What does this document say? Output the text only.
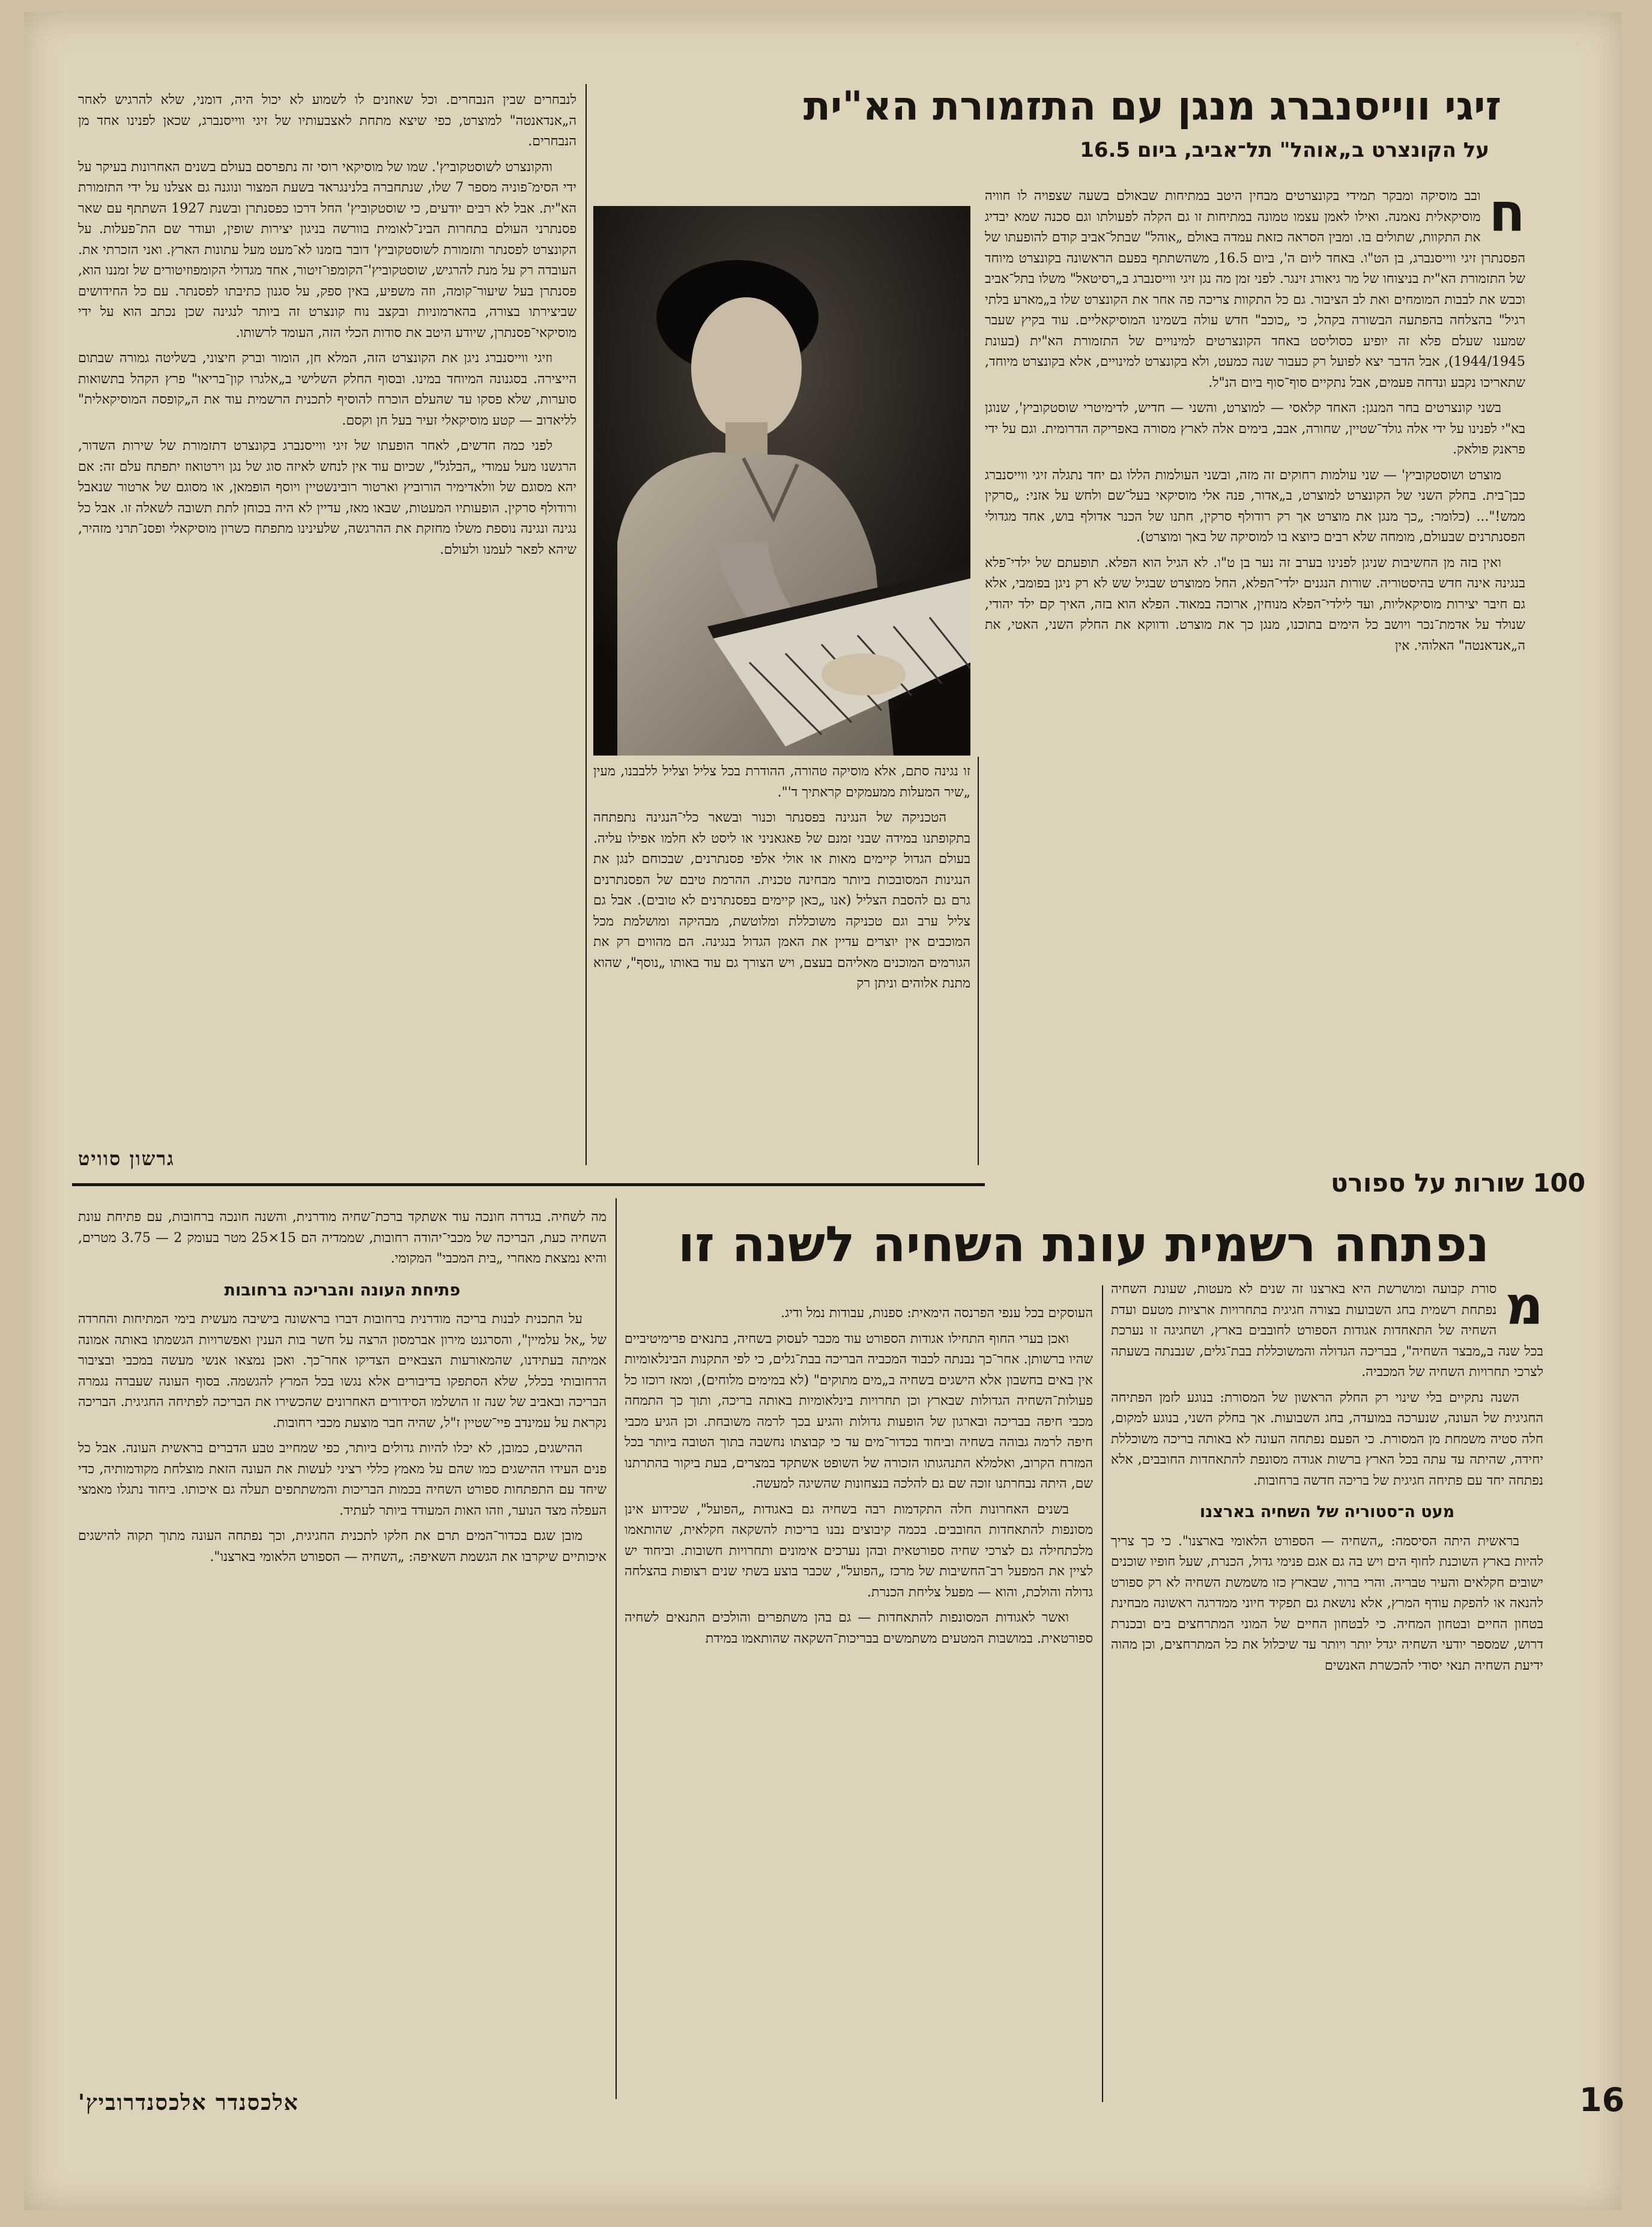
זיגי ווייסנברג מנגן עם התזמורת הא"ית
על הקונצרט ב„אוהל" תל־אביב, ביום 16.5
ח

ובב מוסיקה ומבקר תמידי בקונצרטים מבחין היטב במתיחות שבאולם בשעה שצפויה לו חוויה מוסיקאלית נאמנה. ואילו לאמן עצמו טמונה במתיחות זו גם הקלה לפעולתו וגם סכנה שמא יבדיג את התקוות, שתולים בו. ומבין הסראה כזאת עמדה באולם „אוהל" שבתל־אביב קודם להופעתו של הפסנתרן זיגי ווייסנברג, בן הט"ו. באחד ליום ה', ביום 16.5, משהשתתף בפעם הראשונה בקונצרט מיוחד של התזמורת הא"ית בניצוחו של מר גיאורג זינגר. לפני זמן מה נגן זיגי ווייסנברג ב„רסיטאל" משלו בתל־אביב וכבש את לבבות המומחים ואת לב הציבור. גם כל התקוות צריכה פה אחר את הקונצרט שלו ב„מארע בלתי רגיל" בהצלחה בהפתעה הבשורה בקהל, כי „כוכב" חדש עולה בשמינו המוסיקאליים. עוד בקיץ שעבר שמענו שעלם פלא זה יופיע כסוליסט באחד הקונצרטים למינויים של התזמורת הא"ית (בעונת 1944/1945), אבל הדבר יצא לפועל רק כעבור שנה כמעט, ולא בקונצרט למינויים, אלא בקונצרט מיוחד, שתאריכו נקבע ונדחה פעמים, אבל נתקיים סוף־סוף ביום הנ"ל.

בשני קונצרטים בחר המנגן: האחד קלאסי — למוצרט, והשני — חדיש, לדימיטרי שוסטקוביץ', שנוגן בא"י לפנינו על ידי אלה גולד־שטיין, שחורה, אבב, בימים אלה לארץ מסורה באפריקה הדרומית. וגם על ידי פראנק פולאק.

מוצרט ושוסטקוביץ' — שני עולמות רחוקים זה מזה, ובשני העולמות הללו גם יחד נתגלה זיגי ווייסנברג כבן־בית. בחלק השני של הקונצרט למוצרט, ב„אדור, פנה אלי מוסיקאי בעל־שם ולחש על אזני: „סרקין ממש!"... (כלומר: „כך מנגן את מוצרט אך רק רודולף סרקין, חתנו של הכנר אדולף בוש, אחד מגדולי הפסנתרנים שבעולם, מומחה שלא רבים כיוצא בו למוסיקה של באך ומוצרט).

ואין בזה מן החשיבות שניגן לפנינו בערב זה נער בן ט"ו. לא הגיל הוא הפלא. תופעתם של ילדי־פלא בנגינה אינה חדש בהיסטוריה. שורות הנגנים ילדי־הפלא, החל ממוצרט שבגיל שש לא רק ניגן בפומבי, אלא גם חיבר יצירות מוסיקאליות, ועד לילדי־הפלא מנוחין, ארוכה במאוד. הפלא הוא בזה, האיך קם ילד יהודי, שנולד על אדמת־נכר ויושב כל הימים בתוכנו, מנגן כך את מוצרט. ודווקא את החלק השני, האטי, את ה„אנדאנטה" האלוהי. אין

זו נגינה סתם, אלא מוסיקה טהורה, ההודרת בכל צליל וצליל ללבבנו, מעין „שיר המעלות ממעמקים קראתיך ד'".

הטכניקה של הנגינה בפסנתר וכנור ובשאר כלי־הנגינה נתפתחה בתקופתנו במידה שבני זמנם של פאגאניני או ליסט לא חלמו אפילו עליה. בעולם הגדול קיימים מאות או אולי אלפי פסנתרנים, שבכוחם לנגן את הנגינות המסובכות ביותר מבחינה טכנית. ההרמת טיבם של הפסנתרנים גרם גם להסבת הצליל (אנו „כאן קיימים בפסנתרנים לא טובים). אבל גם צליל ערב וגם טכניקה משוכללת ומלוטשת, מבהיקה ומושלמת מכל המוכבים אין יוצרים עדיין את האמן הגדול בנגינה. הם מהווים רק את הגורמים המוכנים מאליהם בעצם, ויש הצורך גם עוד באותו „נוסף", שהוא מתנת אלוהים וניתן רק

לנבחרים שבין הנבחרים. וכל שאוזנים לו לשמוע לא יכול היה, דומני, שלא להרגיש לאחר ה„אנדאנטה" למוצרט, כפי שיצא מתחת לאצבעותיו של זיגי ווייסנברג, שכאן לפנינו אחד מן הנבחרים.

והקונצרט לשוסטקוביץ'. שמו של מוסיקאי רוסי זה נתפרסם בעולם בשנים האחרונות בעיקר על ידי הסימ־פוניה מספר 7 שלו, שנתחברה בלנינגראד בשעת המצור ונוגנה גם אצלנו על ידי התזמורת הא"ית. אבל לא רבים יודעים, כי שוסטקוביץ' החל דרכו כפסנתרן ובשנת 1927 השתתף עם שאר פסנתרני העולם בתחרות הבינ־לאומית בוורשה בניגון יצירות שופין, ועודר שם הת־פעלות. על הקונצרט לפסנתר ותזמורת לשוסטקוביץ' דובר בזמנו לא־מעט מעל עתונות הארץ. ואני הזכרתי את. העובדה רק על מנת להרגיש, שוסטקוביץ'־הקומפו־זיטור, אחד מגדולי הקומפוזיטורים של זמננו הוא, פסנתרן בעל שיעור־קומה, וזה משפיע, באין ספק, על סגנון כתיבתו לפסנתר. עם כל החידושים שביצירתו בצורה, בהארמוניות ובקצב נוח קונצרט זה ביותר לנגינה שכן נכתב הוא על ידי מוסיקאי־פסנתרן, שיודע היטב את סודות הכלי הזה, העומד לרשותו.

וזיגי ווייסנברג ניגן את הקונצרט הזה, המלא חן, הומור וברק חיצוני, בשליטה גמורה שבתום הייצירה. בסגנונה המיוחד במינו. ובסוף החלק השלישי ב„אלגרו קון־בריאו" פרץ הקהל בתשואות סוערות, שלא פסקו עד שהעלם הוכרח להוסיף לתכנית הרשמית עוד את ה„קופסה המוסיקאלית" לליאדוב — קטע מוסיקאלי זעיר בעל חן וקסם.

לפני כמה חדשים, לאחר הופעתו של זיגי ווייסנברג בקונצרט דתזמורת של שירות השדור, הרגשנו מעל עמודי „הבלגל", שכיום עוד אין לנחש לאיזה סוג של נגן וירטואוז יתפתח עלם זה: אם יהא מסוגם של וולאדימיר הורוביץ וארטור רובינשטיין ויוסף הופמאן, או מסוגם של ארטור שנאבל ורודולף סרקין. הופעותיו המעטות, שבאו מאז, עדיין לא היה בכוחן לתת תשובה לשאלה זו. אבל כל נגינה ונגינה נוספת משלו מחזקת את ההרגשה, שלעינינו מתפתח כשרון מוסיקאלי ופסנ־תרני מזהיר, שיהא לפאר לעמנו ולעולם.

גרשון סוויט
100 שורות על ספורט
נפתחה רשמית עונת השחיה לשנה זו
מ

סורת קבועה ומושרשת היא בארצנו זה שנים לא מעטות, שעונת השחיה נפתחת רשמית בחג השבועות בצורה חגיגית בתחרויות ארציות מטעם ועדת השחיה של התאחדות אגודות הספורט לחובבים בארץ, ושחגיגה זו נערכת בכל שנה ב„מבצר השחיה", בבריכה הגדולה והמשוכללת בבת־גלים, שנבנתה בשעתה לצרכי תחרויות השחיה של המכביה.

השנה נתקיים בלי שינוי רק החלק הראשון של המסורת: בנוגע לזמן הפתיחה החגיגית של העונה, שנערכה במועדה, בחג השבועות. אך בחלק השני, בנוגע למקום, חלה סטיה משמחת מן המסורת. כי הפעם נפתחה העונה לא באותה בריכה משוכללת יחידה, שהיתה עד עתה בכל הארץ ברשות אגודה מסונפת להתאחדות החובבים, אלא נפתחה יחד עם פתיחה חגיגית של בריכה חדשה ברחובות.

מעט ה־סטוריה של השחיה בארצנו

בראשית היתה הסיסמה: „השחיה — הספורט הלאומי בארצנו". כי כך צריך להיות בארץ השוכנת לחוף הים ויש בה גם אגם פנימי גדול, הכנרת, שעל חופיו שוכנים ישובים חקלאים והעיר טבריה. והרי ברור, שבארץ כזו משמשת השחיה לא רק ספורט להנאה או להפקת עודף המרץ, אלא נושאת גם תפקיד חיוני ממדרגה ראשונה מבחינת בטחון החיים ובטחון המחיה. כי לבטחון החיים של המוני המתרחצים בים ובכנרת דרוש, שמספר יודעי השחיה יגדל יותר ויותר עד שיכלול את כל המתרחצים, וכן מהוה ידיעת השחיה תנאי יסודי להכשרת האנשים

העוסקים בכל ענפי הפרנסה הימאית: ספנות, עבודות נמל ודיג.

ואכן בערי החוף התחילו אגודות הספורט עוד מכבר לעסוק בשחיה, בתנאים פרימיטיביים שהיו ברשותן. אחר־כך נבנתה לכבוד המכביה הבריכה בבת־גלים, כי לפי התקנות הבינלאומיות אין באים בחשבון אלא הישגים בשחיה ב„מים מתוקים" (לא במימים מלוחים), ומאז רוכזו כל פעולות־השחיה הגדולות שבארץ וכן תחרויות בינלאומיות באותה בריכה, ותוך כך התמחה מכבי חיפה בבריכה ובארגון של הופעות גדולות והגיע בכך לרמה משובחת. וכן הגיע מכבי חיפה לרמה גבוהה בשחיה וביחוד בכדור־מים עד כי קבוצתו נחשבה בתוך הטובה ביותר בכל המזרח הקרוב, ואלמלא התנהגותו הזכורה של השופט אשתקד במצרים, בעת ביקור בהתרתנו שם, היתה נבחרתנו זוכה שם גם להלכה בנצחונות שהשיגה למעשה.

בשנים האחרונות חלה התקדמות רבה בשחיה גם באגודות „הפועל", שכידוע אינן מסונפות להתאחדות החובבים. בכמה קיבוצים נבנו בריכות להשקאה חקלאית, שהותאמו מלכתחילה גם לצרכי שחיה ספורטאית ובהן נערכים אימונים ותחרויות חשובות. וביחוד יש לציין את המפעל רב־החשיבות של מרכז „הפועל", שכבר בוצע בשתי שנים רצופות בהצלחה גדולה והולכת, והוא — מפעל צליחת הכנרת.

ואשר לאגודות המסונפות להתאחדות — גם בהן משתפרים והולכים התנאים לשחיה ספורטאית. במושבות המטעים משתמשים בבריכות־השקאה שהותאמו במידת

מה לשחיה. בגדרה חונכה עוד אשתקד ברכת־שחיה מודרנית, והשנה חונכה ברחובות, עם פתיחת עונת השחיה כעת, הבריכה של מכבי־יהודה רחובות, שממדיה הם 15×25 מטר בעומק 2 — 3.75 מטרים, והיא נמצאת מאחרי „בית המכבי" המקומי.

פתיחת העונה והבריכה ברחובות

על התכנית לבנות בריכה מודרנית ברחובות דברו בראשונה בישיבה מעשית בימי המתיחות והחרדה של „אל עלמיין", והסרגנט מירון אברמסון הרצה על חשר בות הענין ואפשרויות הגשמתו באותה אמונה אמיתה בעתידנו, שהמאורעות הצבאיים הצדיקו אחר־כך. ואכן נמצאו אנשי מעשה במכבי ובציבור הרחובותי בכלל, שלא הסתפקו בדיבורים אלא נגשו בכל המרץ להגשמה. בסוף העונה שעברה נגמרה הבריכה ובאביב של שנה זו הושלמו הסידורים האחרונים שהכשירו את הבריכה לפתיחה החגיגית. הבריכה נקראת על עמינדב פיי־שטיין ז"ל, שהיה חבר מוצעת מכבי רחובות.

ההישגים, כמובן, לא יכלו להיות גדולים ביותר, כפי שמחייב טבע הדברים בראשית העונה. אבל כל פנים העידו ההישגים כמו שהם על מאמץ כללי רציני לעשות את העונה הזאת מוצלחת מקודמותיה, כדי שיחד עם התפתחות ספורט השחיה בכמות הבריכות והמשתתפים תעלה גם איכותו. ביחוד נתגלו מאמצי העפלה מצד הנוער, וזהו האות המעודד ביותר לעתיד.

מובן שגם בכדור־המים תרם את חלקו לתכנית החגיגית, וכך נפתחה העונה מתוך תקוה להישגים איכותיים שיקרבו את הגשמת השאיפה: „השחיה — הספורט הלאומי בארצנו".

אלכסנדר אלכסנדרוביץ'	16
